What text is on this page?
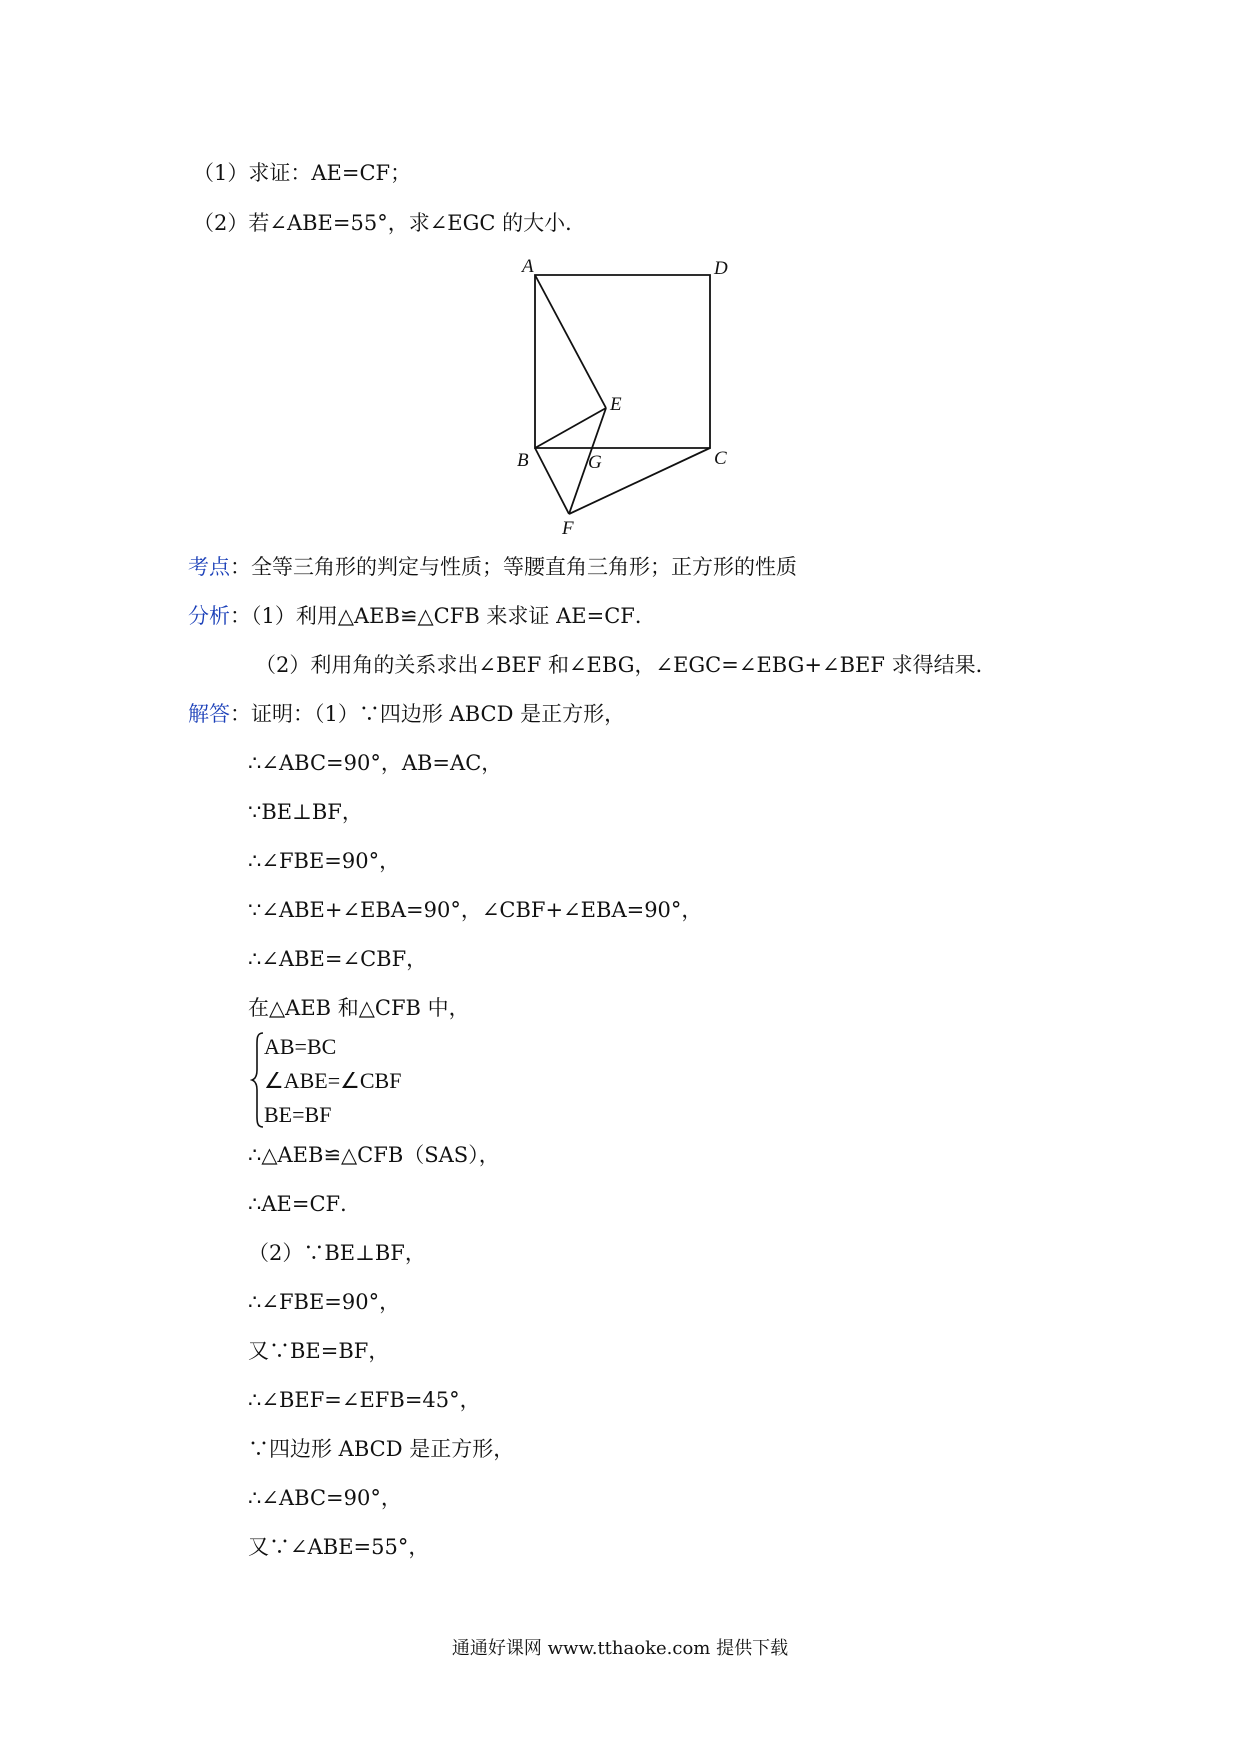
（1）求证：AE=CF；
（2）若∠ABE=55°，求∠EGC 的大小．
A	D
E
B	G	C
F
考点：全等三角形的判定与性质；等腰直角三角形；正方形的性质
分析：（1）利用△AEB≌△CFB 来求证 AE=CF．
（2）利用角的关系求出∠BEF 和∠EBG，∠EGC=∠EBG+∠BEF 求得结果．
解答：证明：（1）∵四边形 ABCD 是正方形，
∴∠ABC=90°，AB=AC，
∵BE⊥BF，
∴∠FBE=90°，
∵∠ABE+∠EBA=90°，∠CBF+∠EBA=90°，
∴∠ABE=∠CBF，
在△AEB 和△CFB 中，
AB=BC
∠ABE=∠CBF
BE=BF
∴△AEB≌△CFB（SAS），
∴AE=CF．
（2）∵BE⊥BF，
∴∠FBE=90°，
又∵BE=BF，
∴∠BEF=∠EFB=45°，
∵四边形 ABCD 是正方形，
∴∠ABC=90°，
又∵∠ABE=55°，
通通好课网 www.tthaoke.com 提供下载
